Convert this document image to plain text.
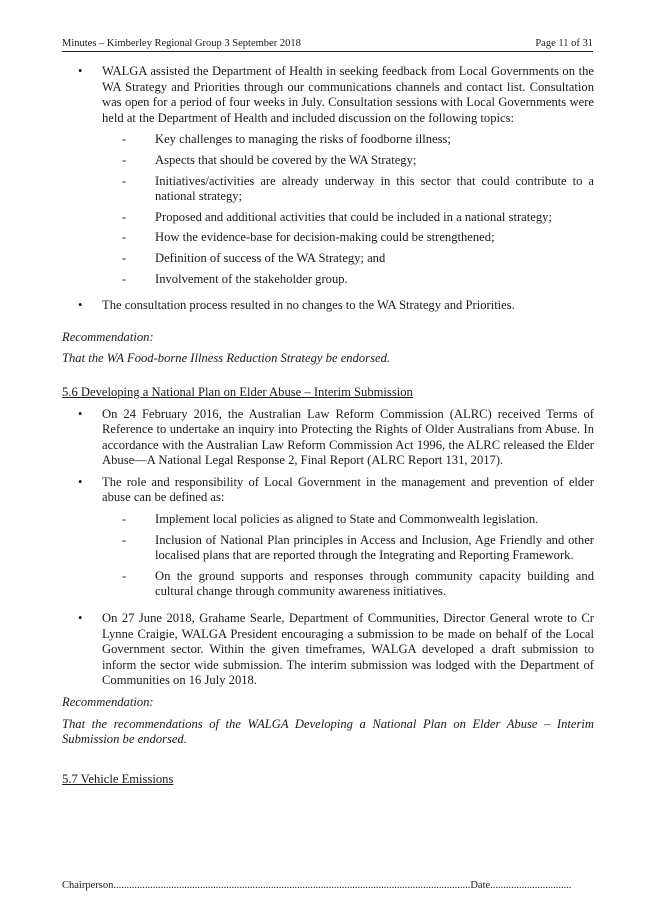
Minutes – Kimberley Regional Group 3 September 2018	Page 11 of 31
•	WALGA assisted the Department of Health in seeking feedback from Local Governments on the WA Strategy and Priorities through our communications channels and contact list. Consultation was open for a period of four weeks in July. Consultation sessions with Local Governments were held at the Department of Health and included discussion on the following topics:
-	Key challenges to managing the risks of foodborne illness;
-	Aspects that should be covered by the WA Strategy;
-	Initiatives/activities are already underway in this sector that could contribute to a national strategy;
-	Proposed and additional activities that could be included in a national strategy;
-	How the evidence-base for decision-making could be strengthened;
-	Definition of success of the WA Strategy; and
-	Involvement of the stakeholder group.
•	The consultation process resulted in no changes to the WA Strategy and Priorities.
Recommendation:
That the WA Food-borne Illness Reduction Strategy be endorsed.
5.6 Developing a National Plan on Elder Abuse – Interim Submission
•	On 24 February 2016, the Australian Law Reform Commission (ALRC) received Terms of Reference to undertake an inquiry into Protecting the Rights of Older Australians from Abuse. In accordance with the Australian Law Reform Commission Act 1996, the ALRC released the Elder Abuse—A National Legal Response 2, Final Report (ALRC Report 131, 2017).
•	The role and responsibility of Local Government in the management and prevention of elder abuse can be defined as:
-	Implement local policies as aligned to State and Commonwealth legislation.
-	Inclusion of National Plan principles in Access and Inclusion, Age Friendly and other localised plans that are reported through the Integrating and Reporting Framework.
-	On the ground supports and responses through community capacity building and cultural change through community awareness initiatives.
•	On 27 June 2018, Grahame Searle, Department of Communities, Director General wrote to Cr Lynne Craigie, WALGA President encouraging a submission to be made on behalf of the Local Government sector. Within the given timeframes, WALGA developed a draft submission to inform the sector wide submission. The interim submission was lodged with the Department of Communities on 16 July 2018.
Recommendation:
That the recommendations of the WALGA Developing a National Plan on Elder Abuse – Interim Submission be endorsed.
5.7 Vehicle Emissions
Chairperson........................................................................................................................................Date...............................
